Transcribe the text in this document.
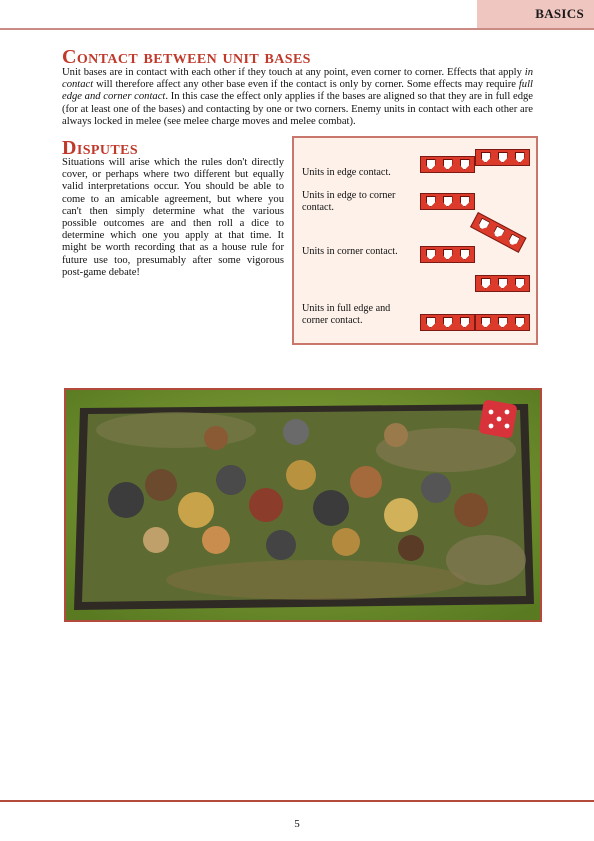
BASICS
Contact between unit bases

Unit bases are in contact with each other if they touch at any point, even corner to corner. Effects that apply in contact will therefore affect any other base even if the contact is only by corner. Some effects may require full edge and corner contact. In this case the effect only applies if the bases are aligned so that they are in full edge (for at least one of the bases) and contacting by one or two corners. Enemy units in contact with each other are always locked in melee (see melee charge moves and melee combat).

Disputes

Situations will arise which the rules don't directly cover, or perhaps where two different but equally valid interpretations occur. You should be able to come to an amicable agreement, but where you can't then simply determine what the various possible outcomes are and then roll a dice to determine which one you apply at that time. It might be worth recording that as a house rule for future use too, presumably after some vigorous post-game debate!

Units in edge contact.
Units in edge to corner contact.
Units in corner contact.
Units in full edge and corner contact.
5
